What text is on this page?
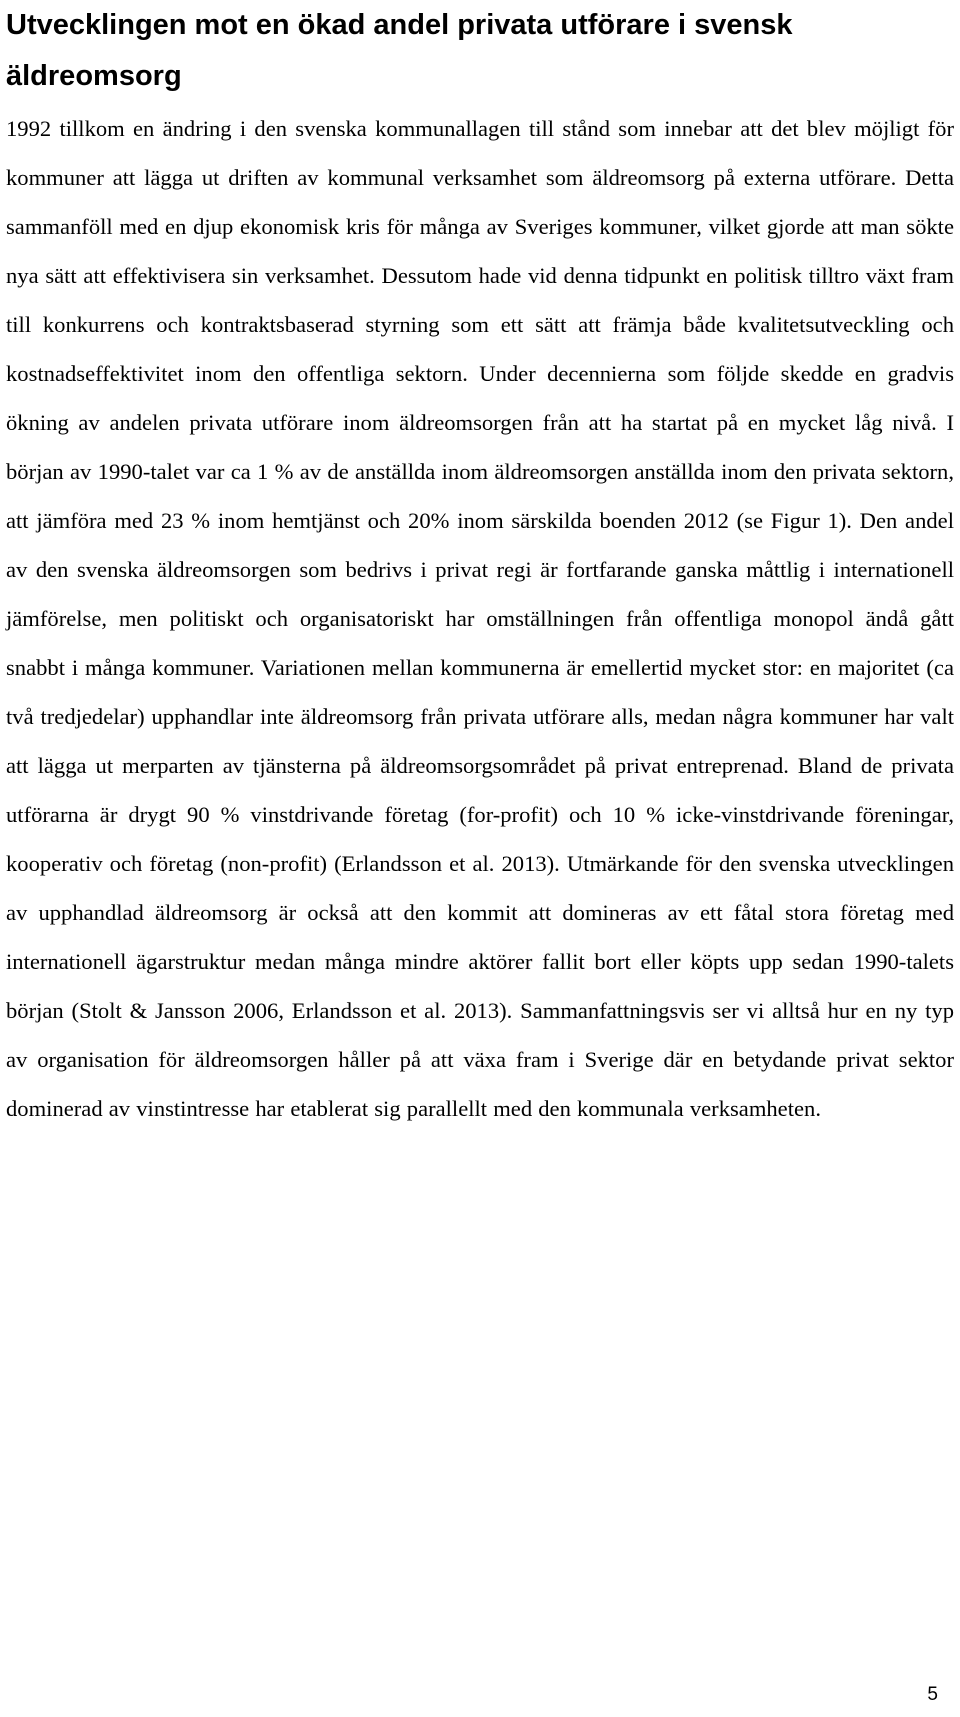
Utvecklingen mot en ökad andel privata utförare i svensk äldreomsorg

1992 tillkom en ändring i den svenska kommunallagen till stånd som innebar att det blev möjligt för kommuner att lägga ut driften av kommunal verksamhet som äldreomsorg på externa utförare. Detta sammanföll med en djup ekonomisk kris för många av Sveriges kommuner, vilket gjorde att man sökte nya sätt att effektivisera sin verksamhet. Dessutom hade vid denna tidpunkt en politisk tilltro växt fram till konkurrens och kontraktsbaserad styrning som ett sätt att främja både kvalitetsutveckling och kostnadseffektivitet inom den offentliga sektorn. Under decennierna som följde skedde en gradvis ökning av andelen privata utförare inom äldreomsorgen från att ha startat på en mycket låg nivå. I början av 1990-talet var ca 1 % av de anställda inom äldreomsorgen anställda inom den privata sektorn, att jämföra med 23 % inom hemtjänst och 20% inom särskilda boenden 2012 (se Figur 1). Den andel av den svenska äldreomsorgen som bedrivs i privat regi är fortfarande ganska måttlig i internationell jämförelse, men politiskt och organisatoriskt har omställningen från offentliga monopol ändå gått snabbt i många kommuner. Variationen mellan kommunerna är emellertid mycket stor: en majoritet (ca två tredjedelar) upphandlar inte äldreomsorg från privata utförare alls, medan några kommuner har valt att lägga ut merparten av tjänsterna på äldreomsorgsområdet på privat entreprenad. Bland de privata utförarna är drygt 90 % vinstdrivande företag (for-profit) och 10 % icke-vinstdrivande föreningar, kooperativ och företag (non-profit) (Erlandsson et al. 2013). Utmärkande för den svenska utvecklingen av upphandlad äldreomsorg är också att den kommit att domineras av ett fåtal stora företag med internationell ägarstruktur medan många mindre aktörer fallit bort eller köpts upp sedan 1990-talets början (Stolt & Jansson 2006, Erlandsson et al. 2013). Sammanfattningsvis ser vi alltså hur en ny typ av organisation för äldreomsorgen håller på att växa fram i Sverige där en betydande privat sektor dominerad av vinstintresse har etablerat sig parallellt med den kommunala verksamheten.

5
